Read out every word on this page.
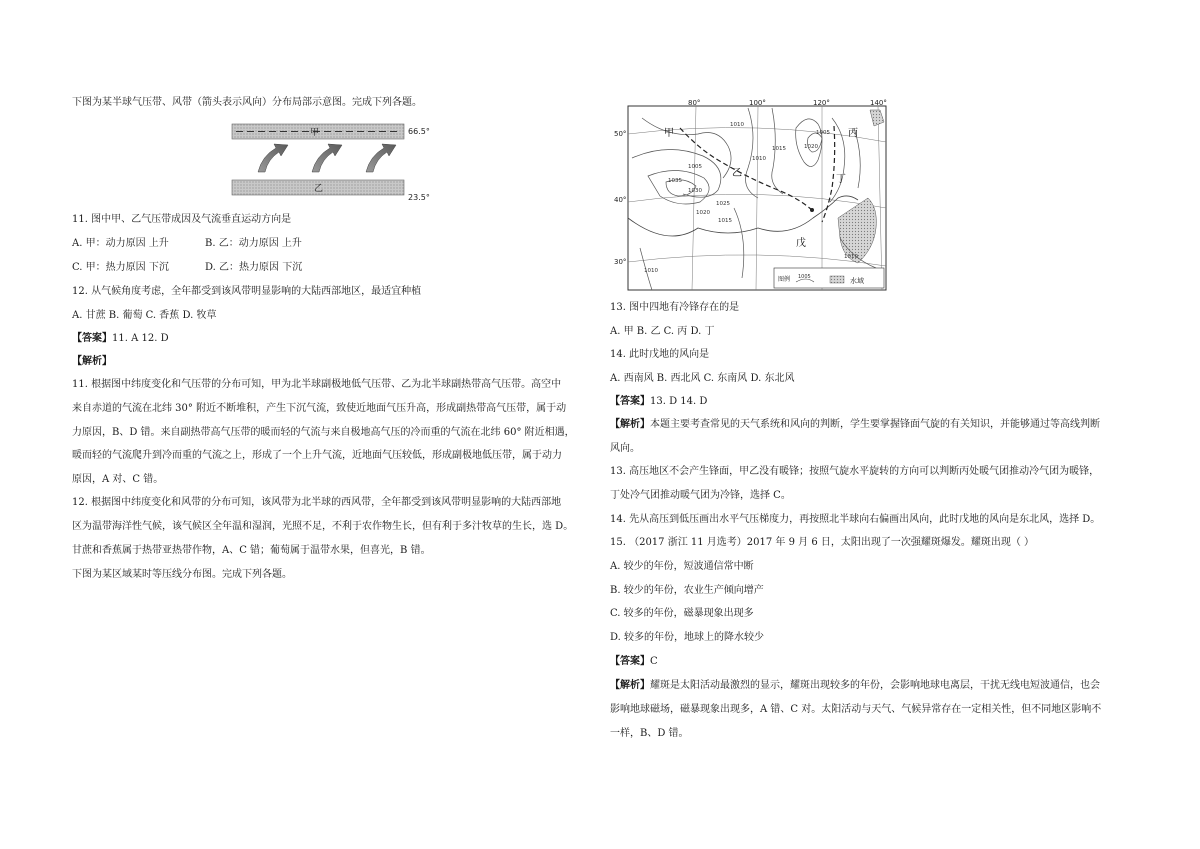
下图为某半球气压带、风带（箭头表示风向）分布局部示意图。完成下列各题。
甲	66.5°
乙
23.5°
11. 图中甲、乙气压带成因及气流垂直运动方向是
A. 甲：动力原因 上升	B. 乙：动力原因 上升
C. 甲：热力原因 下沉	D. 乙：热力原因 下沉
12. 从气候角度考虑，全年都受到该风带明显影响的大陆西部地区，最适宜种植
A. 甘蔗 B. 葡萄 C. 香蕉 D. 牧草
【答案】11. A 12. D
【解析】
11. 根据图中纬度变化和气压带的分布可知，甲为北半球副极地低气压带、乙为北半球副热带高气压带。高空中
来自赤道的气流在北纬 30° 附近不断堆积，产生下沉气流，致使近地面气压升高，形成副热带高气压带，属于动
力原因，B、D 错。来自副热带高气压带的暖而轻的气流与来自极地高气压的冷而重的气流在北纬 60° 附近相遇，
暖而轻的气流爬升到冷而重的气流之上，形成了一个上升气流，近地面气压较低，形成副极地低压带，属于动力
原因，A 对、C 错。
12. 根据图中纬度变化和风带的分布可知，该风带为北半球的西风带，全年都受到该风带明显影响的大陆西部地
区为温带海洋性气候，该气候区全年温和湿润，光照不足，不利于农作物生长，但有利于多汁牧草的生长，选 D。
甘蔗和香蕉属于热带亚热带作物，A、C 错；葡萄属于温带水果，但喜光，B 错。
下图为某区域某时等压线分布图。完成下列各题。
80°	100°	120°	140°
50°
40°
30°
甲
乙
丙
丁
戊
1005
1010
1015
1020
1025
1030
1035
1020
1015
1010
1005
1010
1010
图例 1005	水域
13. 图中四地有冷锋存在的是
A. 甲 B. 乙 C. 丙 D. 丁
14. 此时戊地的风向是
A. 西南风 B. 西北风 C. 东南风 D. 东北风
【答案】13. D 14. D
【解析】本题主要考查常见的天气系统和风向的判断，学生要掌握锋面气旋的有关知识，并能够通过等高线判断
风向。
13. 高压地区不会产生锋面，甲乙没有暖锋；按照气旋水平旋转的方向可以判断丙处暖气团推动冷气团为暖锋，
丁处冷气团推动暖气团为冷锋，选择 C。
14. 先从高压到低压画出水平气压梯度力，再按照北半球向右偏画出风向，此时戊地的风向是东北风，选择 D。
15. （2017 浙江 11 月选考）2017 年 9 月 6 日，太阳出现了一次强耀斑爆发。耀斑出现（ ）
A. 较少的年份，短波通信常中断
B. 较少的年份，农业生产倾向增产
C. 较多的年份，磁暴现象出现多
D. 较多的年份，地球上的降水较少
【答案】C
【解析】耀斑是太阳活动最激烈的显示，耀斑出现较多的年份，会影响地球电离层，干扰无线电短波通信，也会
影响地球磁场，磁暴现象出现多，A 错、C 对。太阳活动与天气、气候异常存在一定相关性，但不同地区影响不
一样，B、D 错。
